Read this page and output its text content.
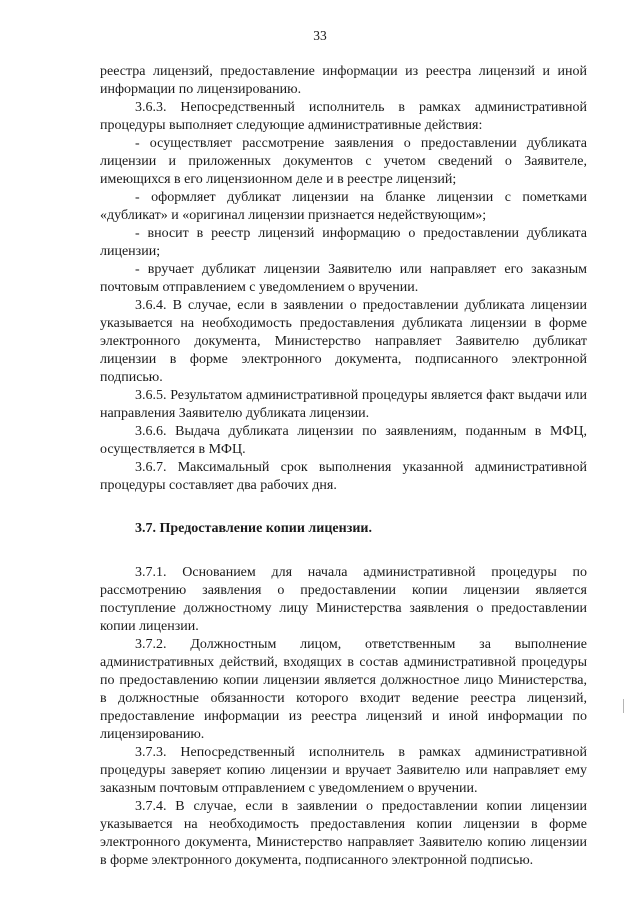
33

реестра лицензий, предоставление информации из реестра лицензий и иной информации по лицензированию.

3.6.3. Непосредственный исполнитель в рамках административной процедуры выполняет следующие административные действия:

- осуществляет рассмотрение заявления о предоставлении дубликата лицензии и приложенных документов с учетом сведений о Заявителе, имеющихся в его лицензионном деле и в реестре лицензий;

- оформляет дубликат лицензии на бланке лицензии с пометками «дубликат» и «оригинал лицензии признается недействующим»;

- вносит в реестр лицензий информацию о предоставлении дубликата лицензии;

- вручает дубликат лицензии Заявителю или направляет его заказным почтовым отправлением с уведомлением о вручении.

3.6.4. В случае, если в заявлении о предоставлении дубликата лицензии указывается на необходимость предоставления дубликата лицензии в форме электронного документа, Министерство направляет Заявителю дубликат лицензии в форме электронного документа, подписанного электронной подписью.

3.6.5. Результатом административной процедуры является факт выдачи или направления Заявителю дубликата лицензии.

3.6.6. Выдача дубликата лицензии по заявлениям, поданным в МФЦ, осуществляется в МФЦ.

3.6.7. Максимальный срок выполнения указанной административной процедуры составляет два рабочих дня.

3.7. Предоставление копии лицензии.

3.7.1. Основанием для начала административной процедуры по рассмотрению заявления о предоставлении копии лицензии является поступление должностному лицу Министерства заявления о предоставлении копии лицензии.

3.7.2. Должностным лицом, ответственным за выполнение административных действий, входящих в состав административной процедуры по предоставлению копии лицензии является должностное лицо Министерства, в должностные обязанности которого входит ведение реестра лицензий, предоставление информации из реестра лицензий и иной информации по лицензированию.

3.7.3. Непосредственный исполнитель в рамках административной процедуры заверяет копию лицензии и вручает Заявителю или направляет ему заказным почтовым отправлением с уведомлением о вручении.

3.7.4. В случае, если в заявлении о предоставлении копии лицензии указывается на необходимость предоставления копии лицензии в форме электронного документа, Министерство направляет Заявителю копию лицензии в форме электронного документа, подписанного электронной подписью.
